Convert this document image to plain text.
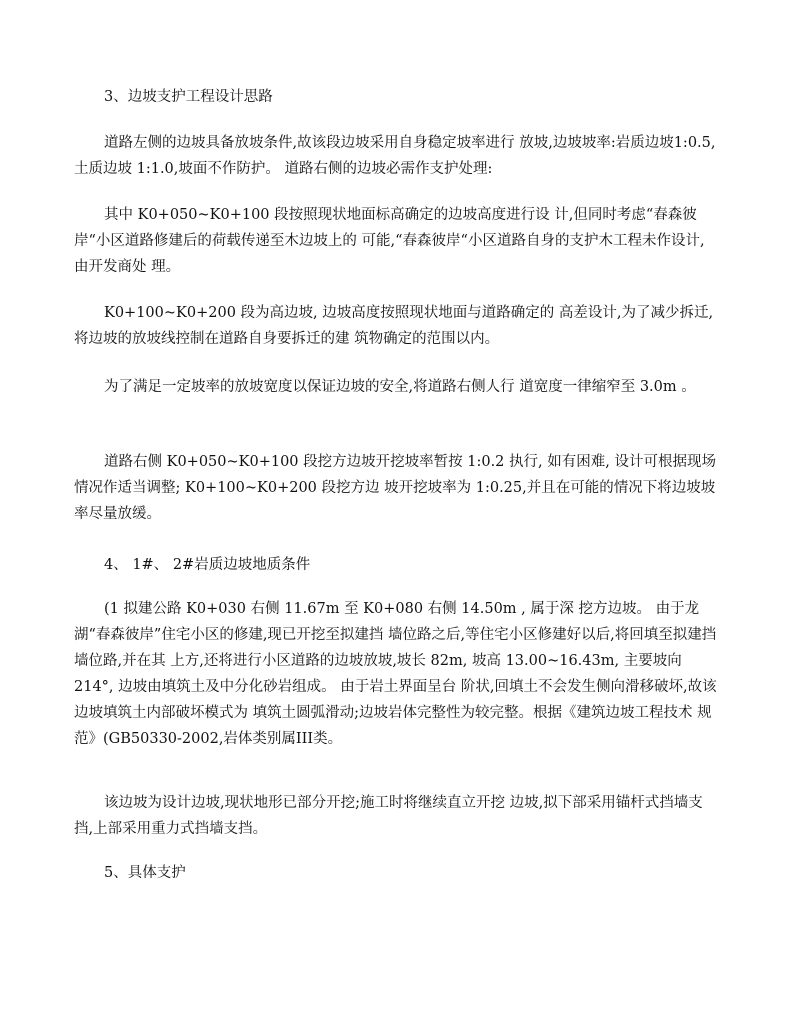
3、边坡支护工程设计思路

道路左侧的边坡具备放坡条件,故该段边坡采用自身稳定坡率进行 放坡,边坡坡率:岩质边坡1:0.5,土质边坡 1:1.0,坡面不作防护。 道路右侧的边坡必需作支护处理:

其中 K0+050~K0+100 段按照现状地面标高确定的边坡高度进行设 计,但同时考虑“春森彼岸“小区道路修建后的荷载传递至木边坡上的 可能,“春森彼岸“小区道路自身的支护木工程未作设计,由开发商处 理。

K0+100~K0+200 段为高边坡, 边坡高度按照现状地面与道路确定的 高差设计,为了减少拆迁,将边坡的放坡线控制在道路自身要拆迁的建 筑物确定的范围以内。

为了满足一定坡率的放坡宽度以保证边坡的安全,将道路右侧人行 道宽度一律缩窄至 3.0m 。

道路右侧 K0+050~K0+100 段挖方边坡开挖坡率暂按 1:0.2 执行, 如有困难, 设计可根据现场情况作适当调整; K0+100~K0+200 段挖方边 坡开挖坡率为 1:0.25,并且在可能的情况下将边坡坡率尽量放缓。

4、 1#、 2#岩质边坡地质条件

(1 拟建公路 K0+030 右侧 11.67m 至 K0+080 右侧 14.50m , 属于深 挖方边坡。 由于龙湖“春森彼岸”住宅小区的修建,现已开挖至拟建挡 墙位路之后,等住宅小区修建好以后,将回填至拟建挡墙位路,并在其 上方,还将进行小区道路的边坡放坡,坡长 82m, 坡高 13.00~16.43m, 主要坡向 214°, 边坡由填筑土及中分化砂岩组成。 由于岩土界面呈台 阶状,回填土不会发生侧向滑移破坏,故该边坡填筑土内部破坏模式为 填筑土圆弧滑动;边坡岩体完整性为较完整。根据《建筑边坡工程技术 规范》(GB50330-2002,岩体类别属III类。

该边坡为设计边坡,现状地形已部分开挖;施工时将继续直立开挖 边坡,拟下部采用锚杆式挡墙支挡,上部采用重力式挡墙支挡。

5、具体支护
